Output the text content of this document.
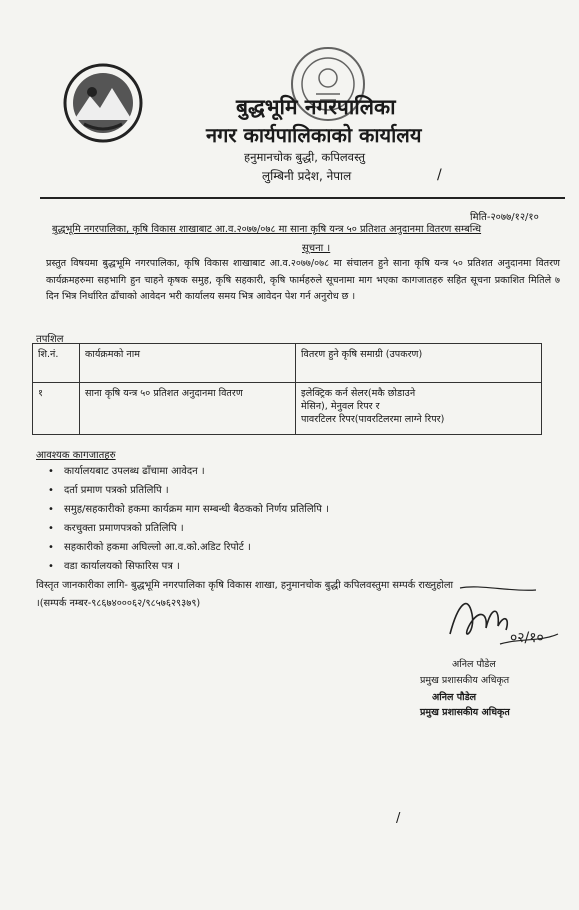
बुद्धभूमि नगरपालिका
नगर कार्यपालिकाको कार्यालय
हनुमानचोक बुद्धी, कपिलवस्तु
लुम्बिनी प्रदेश, नेपाल	/
मिति-२०७७/१२/१०
बुद्धभूमि नगरपालिका, कृषि विकास शाखाबाट आ.व.२०७७/०७८ मा साना कृषि यन्त्र ५० प्रतिशत अनुदानमा वितरण सम्बन्धि
सूचना ।
प्रस्तुत विषयमा बुद्धभूमि नगरपालिका, कृषि विकास शाखाबाट आ.व.२०७७/०७८ मा संचालन हुने साना कृषि यन्त्र ५० प्रतिशत अनुदानमा वितरण कार्यक्रमहरुमा सहभागि हुन चाहने कृषक समुह, कृषि सहकारी, कृषि फार्महरुले सूचनामा माग भएका कागजातहरु सहित सूचना प्रकाशित मितिले ७ दिन भित्र निर्धारित ढाँचाको आवेदन भरी कार्यालय समय भित्र आवेदन पेश गर्न अनुरोध छ ।
तपशिल
शि.नं.	कार्यक्रमको नाम	वितरण हुने कृषि समाग्री (उपकरण)
१	साना कृषि यन्त्र ५० प्रतिशत अनुदानमा वितरण	इलेक्ट्रिक कर्न सेलर(मकै छोडाउने
मेसिन), मेनुवल रिपर र
पावरटिलर रिपर(पावरटिलरमा लाग्ने रिपर)
आवश्यक कागजातहरु
• कार्यालयबाट उपलब्ध ढाँचामा आवेदन ।
• दर्ता प्रमाण पत्रको प्रतिलिपि ।
• समुह/सहकारीको हकमा कार्यक्रम माग सम्बन्धी बैठकको निर्णय प्रतिलिपि ।
• करचुक्ता प्रमाणपत्रको प्रतिलिपि ।
• सहकारीको हकमा अघिल्लो आ.व.को.अडिट रिपोर्ट ।
• वडा कार्यालयको सिफारिस पत्र ।
विस्तृत जानकारीका लागि- बुद्धभूमि नगरपालिका कृषि विकास शाखा, हनुमानचोक बुद्धी कपिलवस्तुमा सम्पर्क राख्नुहोला
।(सम्पर्क नम्बर-९८६७४०००६२/९८५७६२९३७९)
०२/१०
अनिल पौडेल
प्रमुख प्रशासकीय अधिकृत
अनिल पौडेल
प्रमुख प्रशासकीय अधिकृत
/
